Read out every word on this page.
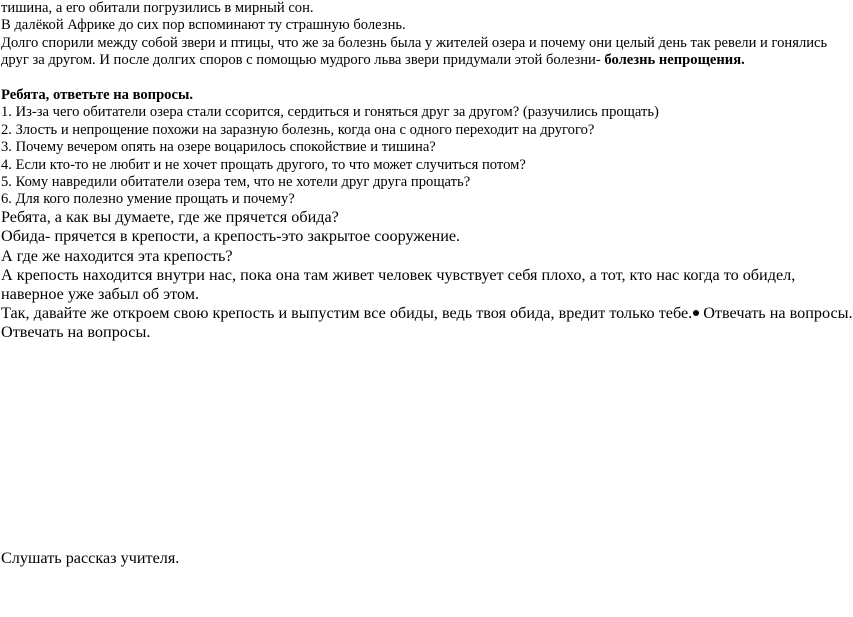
тишина, а его обитали погрузились в мирный сон.
В далёкой Африке до сих пор вспоминают ту страшную болезнь.
Долго спорили между собой звери и птицы, что же за болезнь была у жителей озера и почему они целый день так ревели и гонялись
друг за другом. И после долгих споров с помощью мудрого льва звери придумали этой болезни- болезнь непрощения.
Ребята, ответьте на вопросы.
1. Из-за чего обитатели озера стали ссорится, сердиться и гоняться друг за другом? (разучились прощать)
2. Злость и непрощение похожи на заразную болезнь, когда она с одного переходит на другого?
3. Почему вечером опять на озере воцарилось спокойствие и тишина?
4. Если кто-то не любит и не хочет прощать другого, то что может случиться потом?
5. Кому навредили обитатели озера тем, что не хотели друг друга прощать?
6. Для кого полезно умение прощать и почему?
Ребята, а как вы думаете, где же прячется обида?
Обида- прячется в крепости, а крепость-это закрытое сооружение.
А где же находится эта крепость?
А крепость находится внутри нас, пока она там живет человек чувствует себя плохо, а тот, кто нас когда то обидел,
наверное уже забыл об этом.
Так, давайте же откроем свою крепость и выпустим все обиды, ведь твоя обида, вредит только тебе. Отвечать на вопросы.
Отвечать на вопросы.
Слушать рассказ учителя.
